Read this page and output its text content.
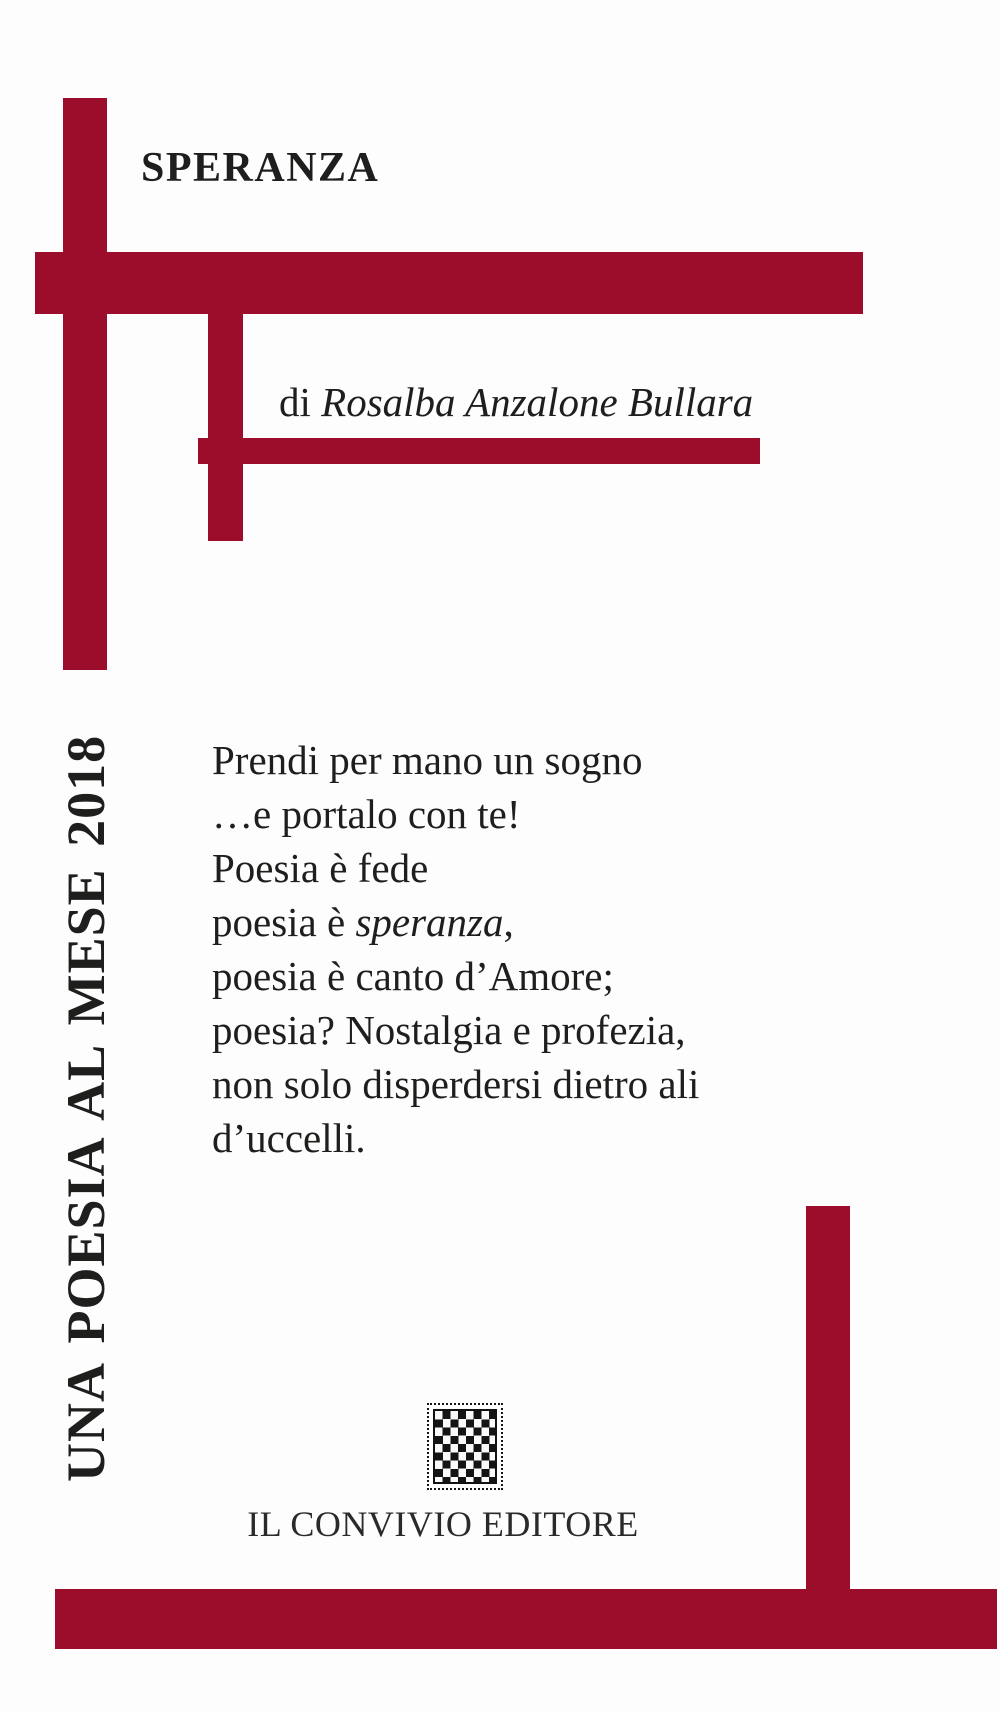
SPERANZA
di Rosalba Anzalone Bullara
UNA POESIA AL MESE 2018 Prendi per mano un sogno
…e portalo con te!
Poesia è fede
poesia è speranza,
poesia è canto d’Amore;
poesia? Nostalgia e profezia,
non solo disperdersi dietro ali
d’uccelli.
IL CONVIVIO EDITORE
